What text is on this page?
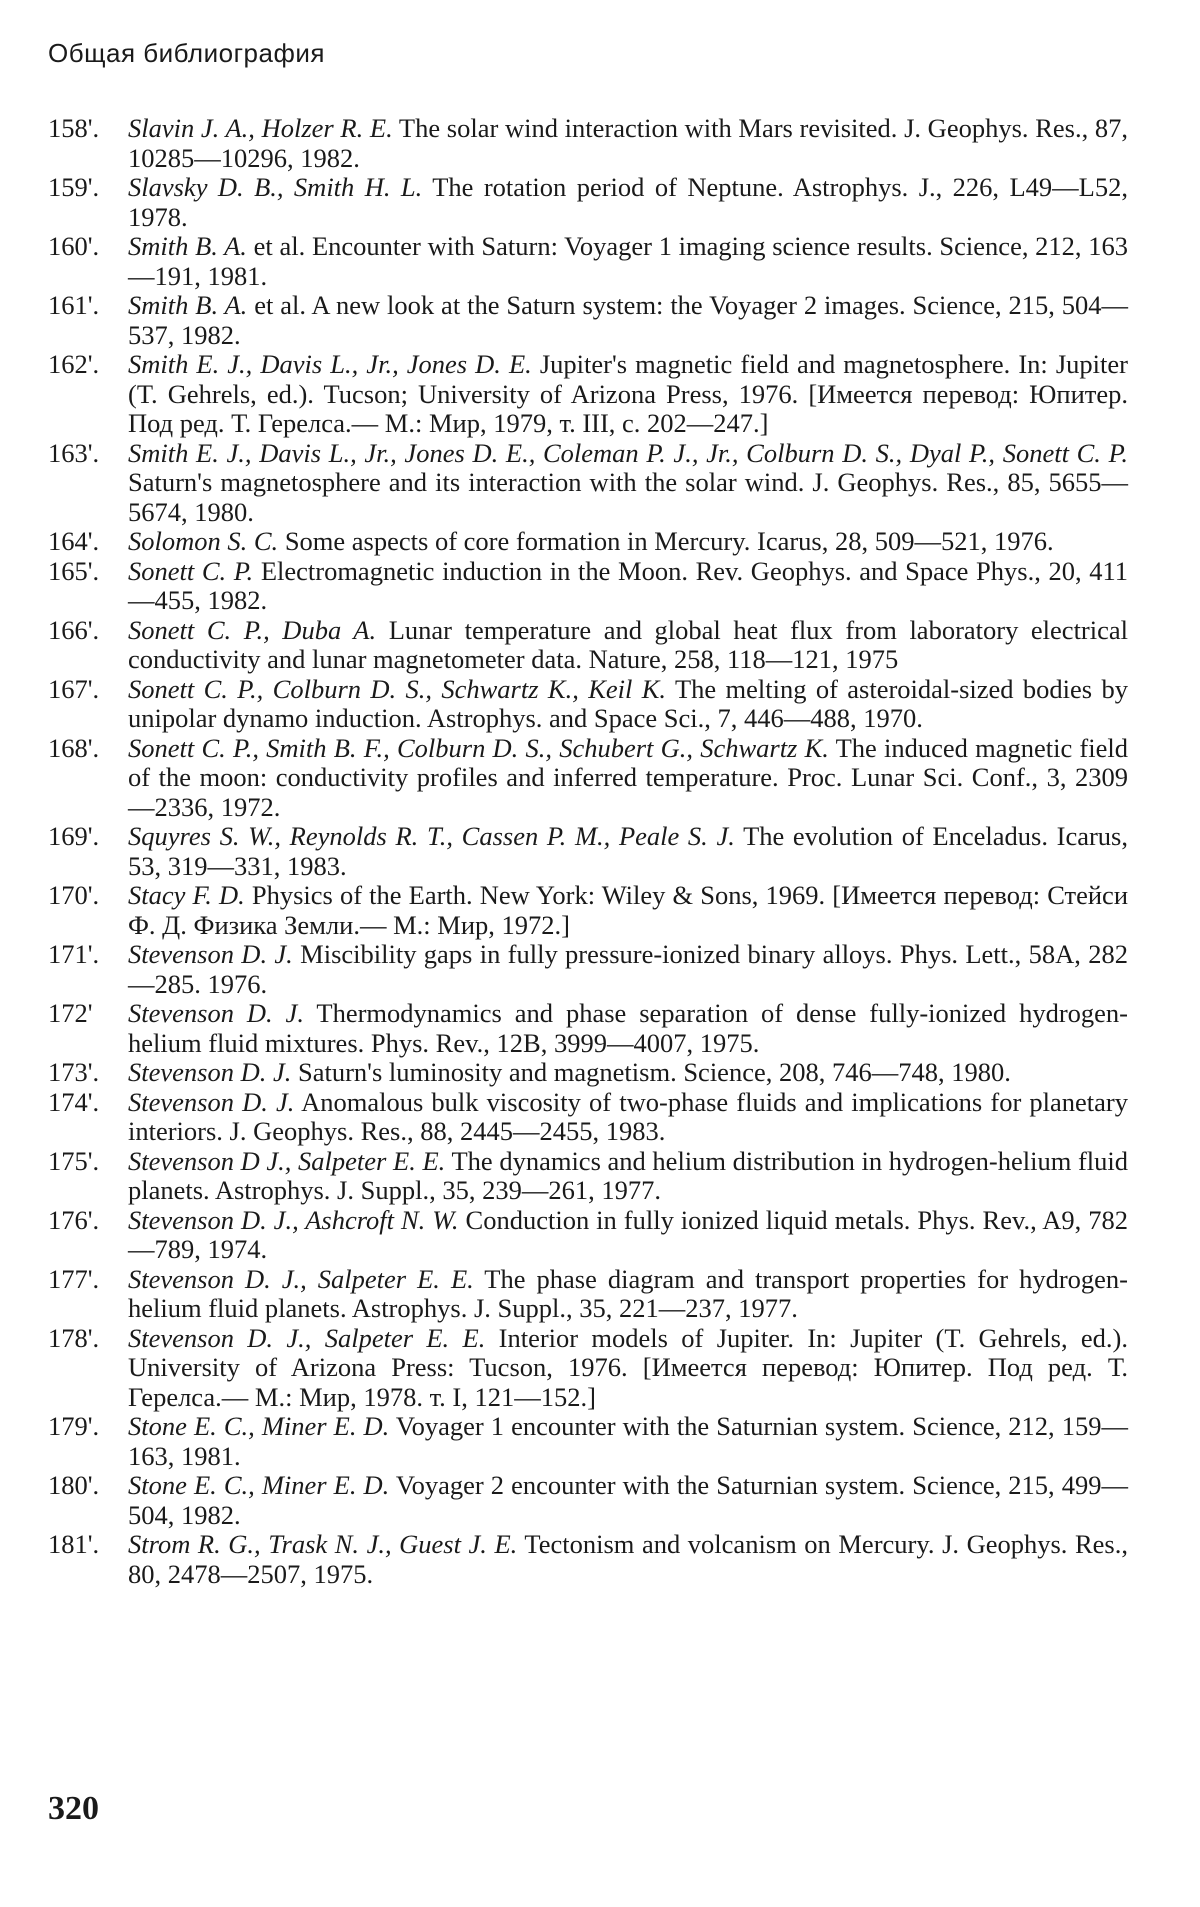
Общая библиография
158'. Slavin J. A., Holzer R. E. The solar wind interaction with Mars revisited. J. Geophys. Res., 87, 10285—10296, 1982.
159'. Slavsky D. B., Smith H. L. The rotation period of Neptune. Astrophys. J., 226, L49—L52, 1978.
160'. Smith B. A. et al. Encounter with Saturn: Voyager 1 imaging science results. Science, 212, 163—191, 1981.
161'. Smith B. A. et al. A new look at the Saturn system: the Voyager 2 images. Science, 215, 504—537, 1982.
162'. Smith E. J., Davis L., Jr., Jones D. E. Jupiter's magnetic field and magnetosphere. In: Jupiter (T. Gehrels, ed.). Tucson; University of Arizona Press, 1976. [Имеется перевод: Юпитер. Под ред. Т. Герелса.— М.: Мир, 1979, т. III, с. 202—247.]
163'. Smith E. J., Davis L., Jr., Jones D. E., Coleman P. J., Jr., Colburn D. S., Dyal P., Sonett C. P. Saturn's magnetosphere and its interaction with the solar wind. J. Geophys. Res., 85, 5655—5674, 1980.
164'. Solomon S. C. Some aspects of core formation in Mercury. Icarus, 28, 509—521, 1976.
165'. Sonett C. P. Electromagnetic induction in the Moon. Rev. Geophys. and Space Phys., 20, 411—455, 1982.
166'. Sonett C. P., Duba A. Lunar temperature and global heat flux from laboratory electrical conductivity and lunar magnetometer data. Nature, 258, 118—121, 1975
167'. Sonett C. P., Colburn D. S., Schwartz K., Keil K. The melting of asteroidal-sized bodies by unipolar dynamo induction. Astrophys. and Space Sci., 7, 446—488, 1970.
168'. Sonett C. P., Smith B. F., Colburn D. S., Schubert G., Schwartz K. The induced magnetic field of the moon: conductivity profiles and inferred temperature. Proc. Lunar Sci. Conf., 3, 2309—2336, 1972.
169'. Squyres S. W., Reynolds R. T., Cassen P. M., Peale S. J. The evolution of Enceladus. Icarus, 53, 319—331, 1983.
170'. Stacy F. D. Physics of the Earth. New York: Wiley & Sons, 1969. [Имеется перевод: Стейси Ф. Д. Физика Земли.— М.: Мир, 1972.]
171'. Stevenson D. J. Miscibility gaps in fully pressure-ionized binary alloys. Phys. Lett., 58A, 282—285. 1976.
172' Stevenson D. J. Thermodynamics and phase separation of dense fully-ionized hydrogen-helium fluid mixtures. Phys. Rev., 12B, 3999—4007, 1975.
173'. Stevenson D. J. Saturn's luminosity and magnetism. Science, 208, 746—748, 1980.
174'. Stevenson D. J. Anomalous bulk viscosity of two-phase fluids and implications for planetary interiors. J. Geophys. Res., 88, 2445—2455, 1983.
175'. Stevenson D J., Salpeter E. E. The dynamics and helium distribution in hydrogen-helium fluid planets. Astrophys. J. Suppl., 35, 239—261, 1977.
176'. Stevenson D. J., Ashcroft N. W. Conduction in fully ionized liquid metals. Phys. Rev., A9, 782—789, 1974.
177'. Stevenson D. J., Salpeter E. E. The phase diagram and transport properties for hydrogen-helium fluid planets. Astrophys. J. Suppl., 35, 221—237, 1977.
178'. Stevenson D. J., Salpeter E. E. Interior models of Jupiter. In: Jupiter (T. Gehrels, ed.). University of Arizona Press: Tucson, 1976. [Имеется перевод: Юпитер. Под ред. Т. Герелса.— М.: Мир, 1978. т. I, 121—152.]
179'. Stone E. C., Miner E. D. Voyager 1 encounter with the Saturnian system. Science, 212, 159—163, 1981.
180'. Stone E. C., Miner E. D. Voyager 2 encounter with the Saturnian system. Science, 215, 499—504, 1982.
181'. Strom R. G., Trask N. J., Guest J. E. Tectonism and volcanism on Mercury. J. Geophys. Res., 80, 2478—2507, 1975.
320
